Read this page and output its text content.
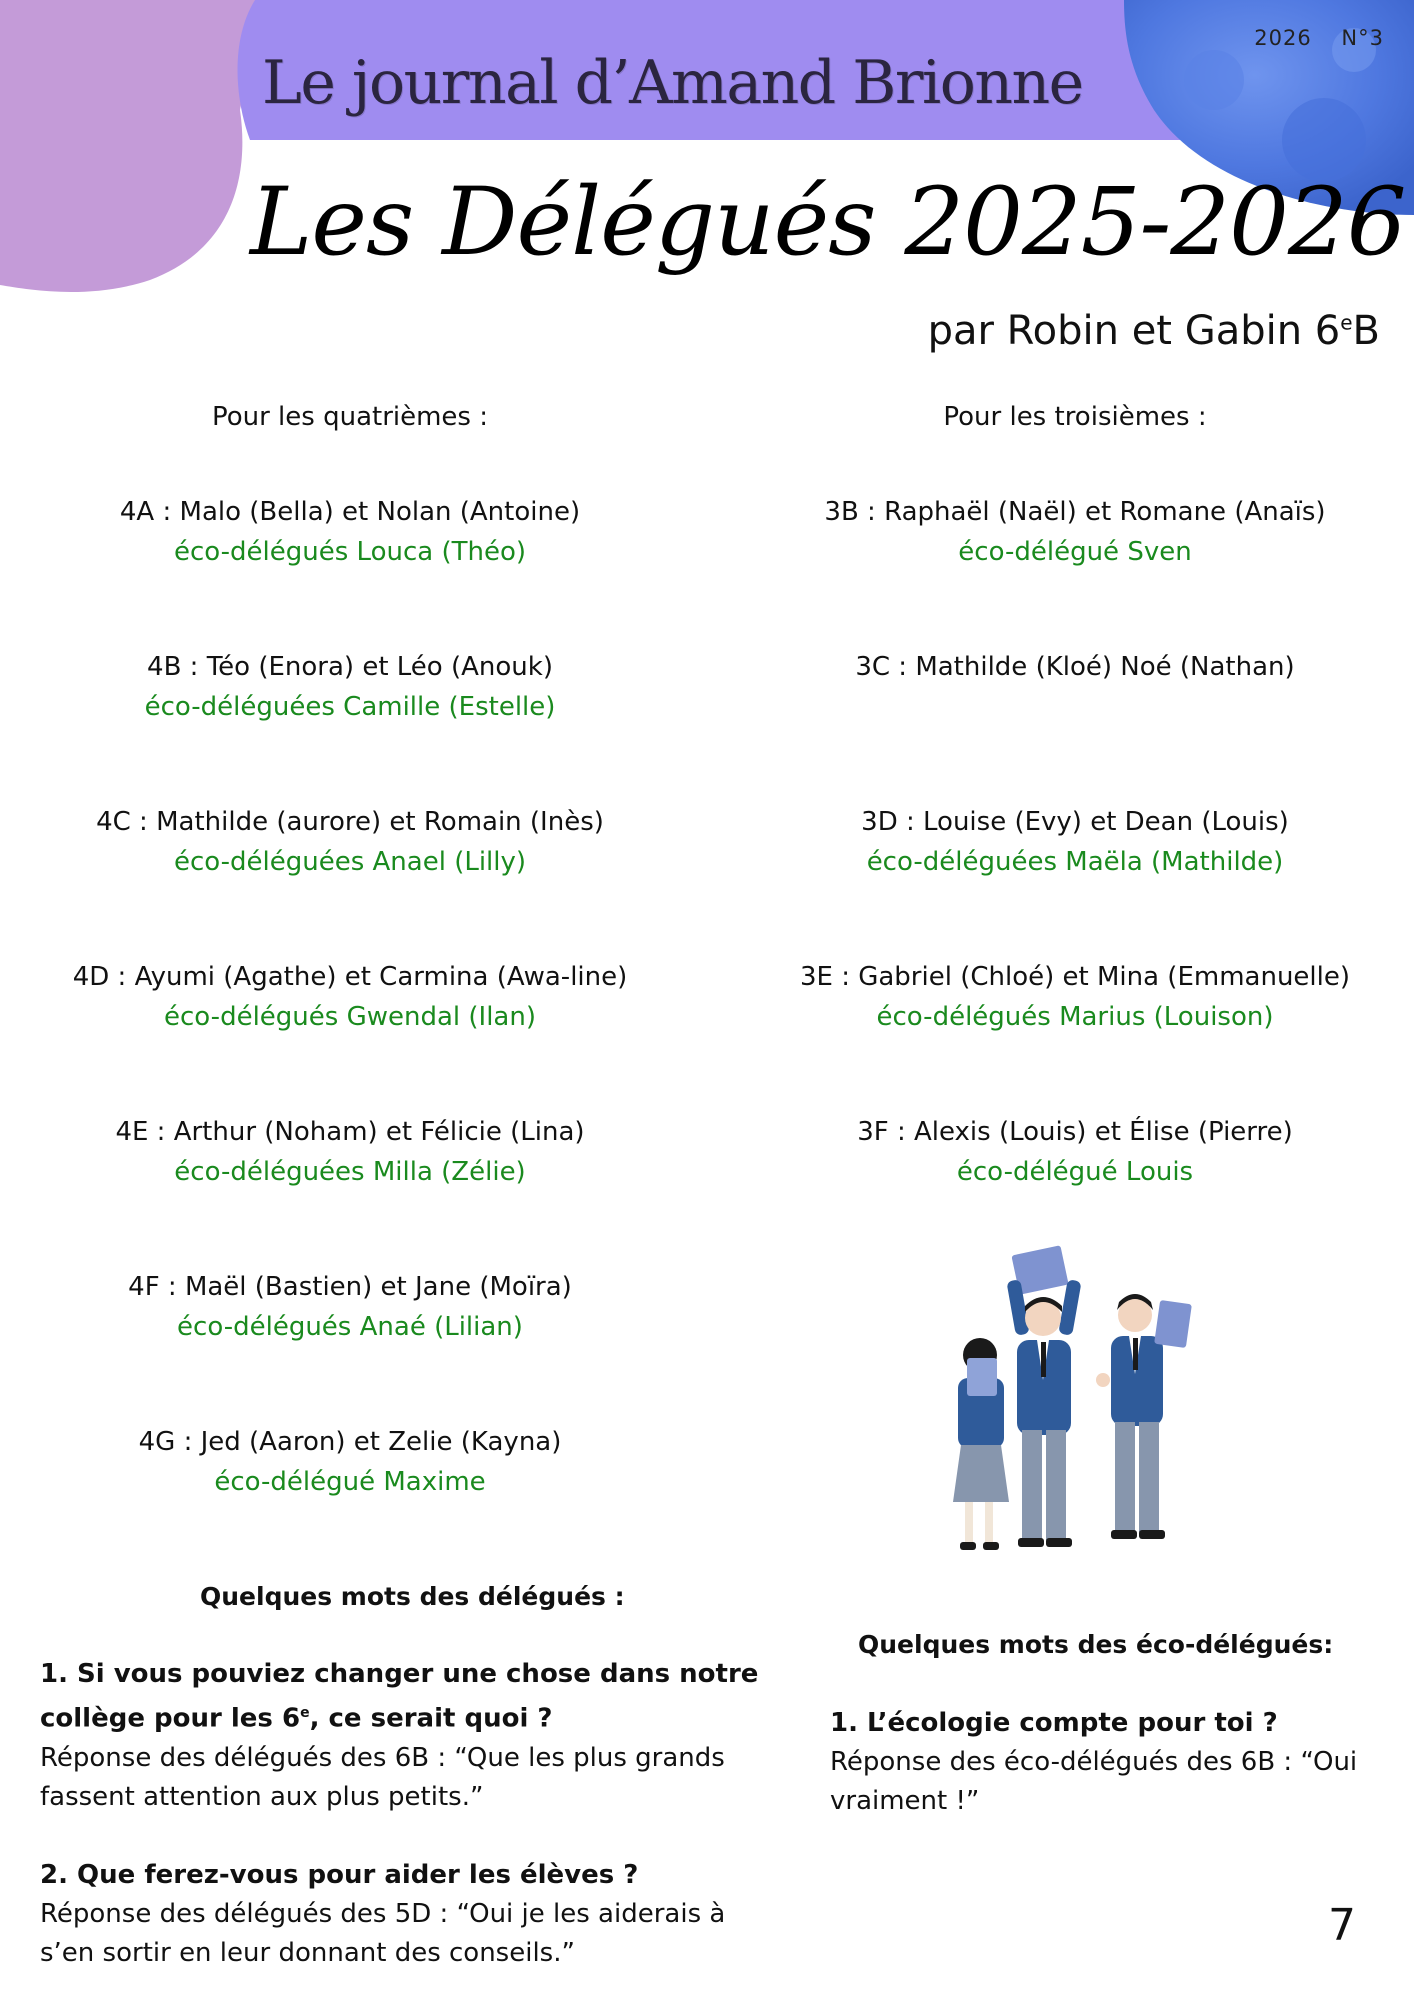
2026 N°3
Le journal d’Amand Brionne
Les Délégués 2025-2026
par Robin et Gabin 6eB
Pour les quatrièmes :
4A : Malo (Bella) et Nolan (Antoine)
éco-délégués Louca (Théo)
4B : Téo (Enora) et Léo (Anouk)
éco-déléguées Camille (Estelle)
4C : Mathilde (aurore) et Romain (Inès)
éco-déléguées Anael (Lilly)
4D : Ayumi (Agathe) et Carmina (Awa-line)
éco-délégués Gwendal (Ilan)
4E : Arthur (Noham) et Félicie (Lina)
éco-déléguées Milla (Zélie)
4F : Maël (Bastien) et Jane (Moïra)
éco-délégués Anaé (Lilian)
4G : Jed (Aaron) et Zelie (Kayna)
éco-délégué Maxime
Pour les troisièmes :
3B : Raphaël (Naël) et Romane (Anaïs)
éco-délégué Sven
3C : Mathilde (Kloé) Noé (Nathan)
3D : Louise (Evy) et Dean (Louis)
éco-déléguées Maëla (Mathilde)
3E : Gabriel (Chloé) et Mina (Emmanuelle)
éco-délégués Marius (Louison)
3F : Alexis (Louis) et Élise (Pierre)
éco-délégué Louis
Quelques mots des délégués :

1. Si vous pouviez changer une chose dans notre collège pour les 6e, ce serait quoi ?
Réponse des délégués des 6B : “Que les plus grands fassent attention aux plus petits.”

2. Que ferez-vous pour aider les élèves ?
Réponse des délégués des 5D : “Oui je les aiderais à s’en sortir en leur donnant des conseils.”

Quelques mots des éco-délégués:

1. L’écologie compte pour toi ?
Réponse des éco-délégués des 6B : “Oui vraiment !”

7
